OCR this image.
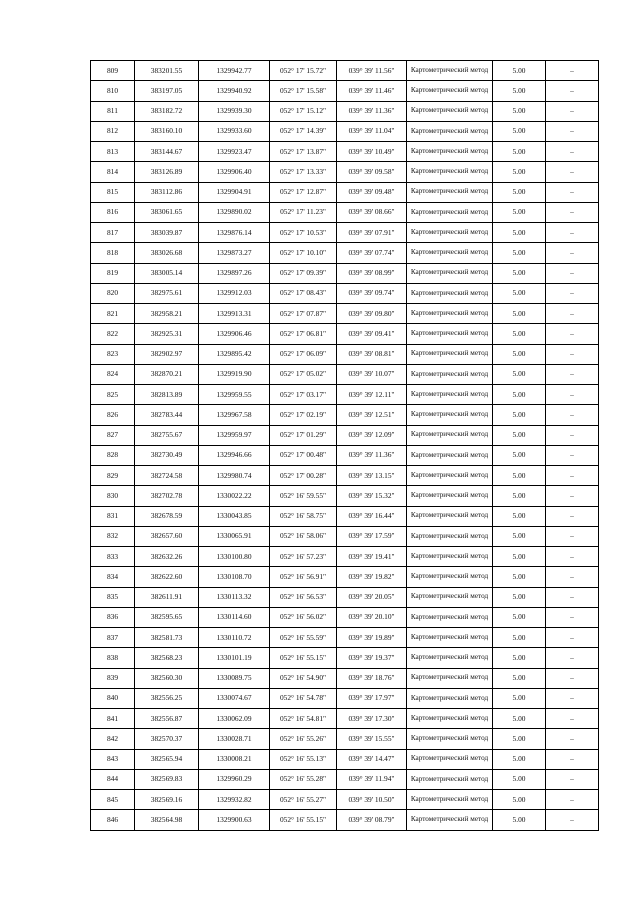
809	383201.55	1329942.77	052° 17' 15.72"	039° 39' 11.56"	Картометрический метод	5.00	–
810	383197.05	1329940.92	052° 17' 15.58"	039° 39' 11.46"	Картометрический метод	5.00	–
811	383182.72	1329939.30	052° 17' 15.12"	039° 39' 11.36"	Картометрический метод	5.00	–
812	383160.10	1329933.60	052° 17' 14.39"	039° 39' 11.04"	Картометрический метод	5.00	–
813	383144.67	1329923.47	052° 17' 13.87"	039° 39' 10.49"	Картометрический метод	5.00	–
814	383126.89	1329906.40	052° 17' 13.33"	039° 39' 09.58"	Картометрический метод	5.00	–
815	383112.86	1329904.91	052° 17' 12.87"	039° 39' 09.48"	Картометрический метод	5.00	–
816	383061.65	1329890.02	052° 17' 11.23"	039° 39' 08.66"	Картометрический метод	5.00	–
817	383039.87	1329876.14	052° 17' 10.53"	039° 39' 07.91"	Картометрический метод	5.00	–
818	383026.68	1329873.27	052° 17' 10.10"	039° 39' 07.74"	Картометрический метод	5.00	–
819	383005.14	1329897.26	052° 17' 09.39"	039° 39' 08.99"	Картометрический метод	5.00	–
820	382975.61	1329912.03	052° 17' 08.43"	039° 39' 09.74"	Картометрический метод	5.00	–
821	382958.21	1329913.31	052° 17' 07.87"	039° 39' 09.80"	Картометрический метод	5.00	–
822	382925.31	1329906.46	052° 17' 06.81"	039° 39' 09.41"	Картометрический метод	5.00	–
823	382902.97	1329895.42	052° 17' 06.09"	039° 39' 08.81"	Картометрический метод	5.00	–
824	382870.21	1329919.90	052° 17' 05.02"	039° 39' 10.07"	Картометрический метод	5.00	–
825	382813.89	1329959.55	052° 17' 03.17"	039° 39' 12.11"	Картометрический метод	5.00	–
826	382783.44	1329967.58	052° 17' 02.19"	039° 39' 12.51"	Картометрический метод	5.00	–
827	382755.67	1329959.97	052° 17' 01.29"	039° 39' 12.09"	Картометрический метод	5.00	–
828	382730.49	1329946.66	052° 17' 00.48"	039° 39' 11.36"	Картометрический метод	5.00	–
829	382724.58	1329980.74	052° 17' 00.28"	039° 39' 13.15"	Картометрический метод	5.00	–
830	382702.78	1330022.22	052° 16' 59.55"	039° 39' 15.32"	Картометрический метод	5.00	–
831	382678.59	1330043.85	052° 16' 58.75"	039° 39' 16.44"	Картометрический метод	5.00	–
832	382657.60	1330065.91	052° 16' 58.06"	039° 39' 17.59"	Картометрический метод	5.00	–
833	382632.26	1330100.80	052° 16' 57.23"	039° 39' 19.41"	Картометрический метод	5.00	–
834	382622.60	1330108.70	052° 16' 56.91"	039° 39' 19.82"	Картометрический метод	5.00	–
835	382611.91	1330113.32	052° 16' 56.53"	039° 39' 20.05"	Картометрический метод	5.00	–
836	382595.65	1330114.60	052° 16' 56.02"	039° 39' 20.10"	Картометрический метод	5.00	–
837	382581.73	1330110.72	052° 16' 55.59"	039° 39' 19.89"	Картометрический метод	5.00	–
838	382568.23	1330101.19	052° 16' 55.15"	039° 39' 19.37"	Картометрический метод	5.00	–
839	382560.30	1330089.75	052° 16' 54.90"	039° 39' 18.76"	Картометрический метод	5.00	–
840	382556.25	1330074.67	052° 16' 54.78"	039° 39' 17.97"	Картометрический метод	5.00	–
841	382556.87	1330062.09	052° 16' 54.81"	039° 39' 17.30"	Картометрический метод	5.00	–
842	382570.37	1330028.71	052° 16' 55.26"	039° 39' 15.55"	Картометрический метод	5.00	–
843	382565.94	1330008.21	052° 16' 55.13"	039° 39' 14.47"	Картометрический метод	5.00	–
844	382569.83	1329960.29	052° 16' 55.28"	039° 39' 11.94"	Картометрический метод	5.00	–
845	382569.16	1329932.82	052° 16' 55.27"	039° 39' 10.50"	Картометрический метод	5.00	–
846	382564.98	1329900.63	052° 16' 55.15"	039° 39' 08.79"	Картометрический метод	5.00	–
